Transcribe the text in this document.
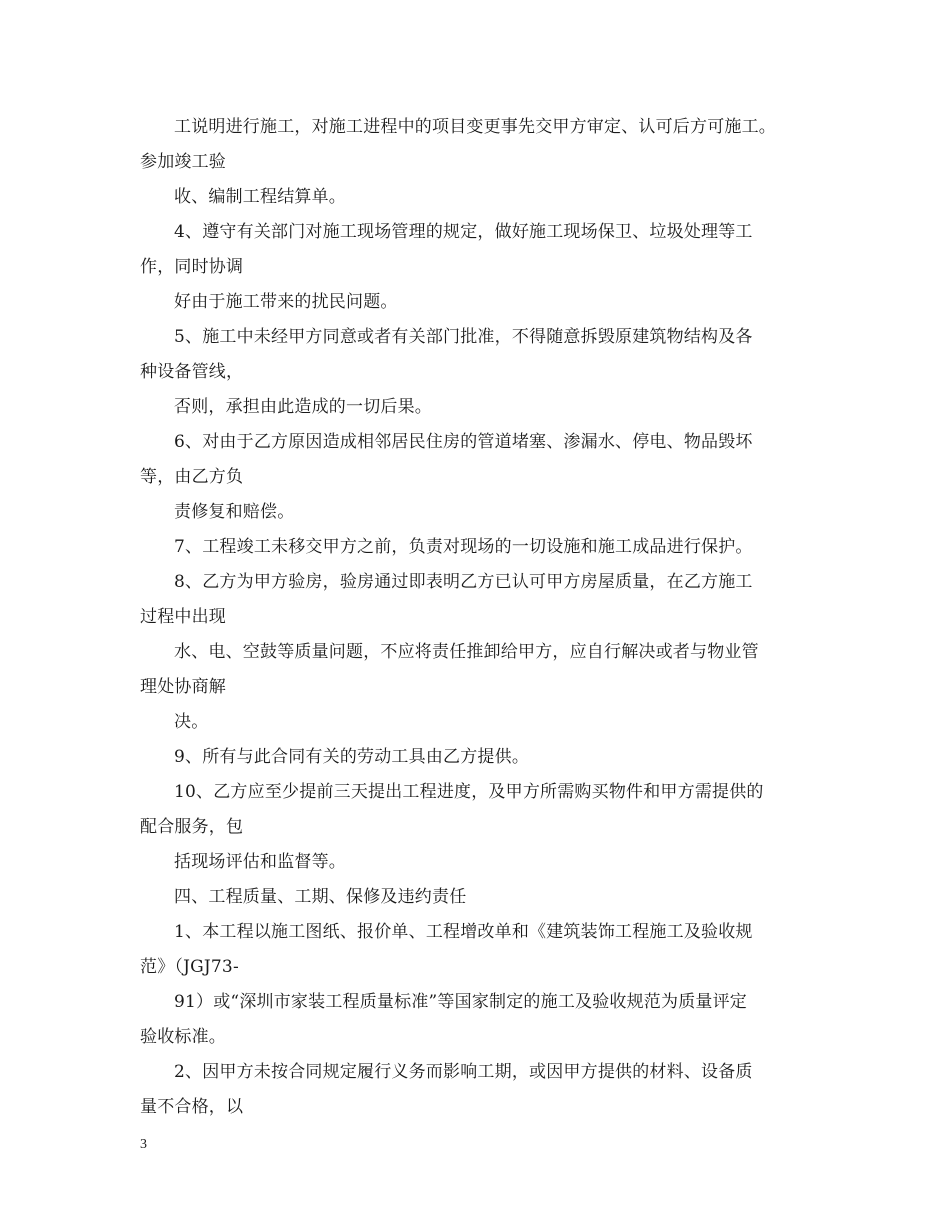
工说明进行施工，对施工进程中的项目变更事先交甲方审定、认可后方可施工。
参加竣工验
收、编制工程结算单。
4、遵守有关部门对施工现场管理的规定，做好施工现场保卫、垃圾处理等工
作，同时协调
好由于施工带来的扰民问题。
5、施工中未经甲方同意或者有关部门批准，不得随意拆毁原建筑物结构及各
种设备管线，
否则，承担由此造成的一切后果。
6、对由于乙方原因造成相邻居民住房的管道堵塞、渗漏水、停电、物品毁坏
等，由乙方负
责修复和赔偿。
7、工程竣工未移交甲方之前，负责对现场的一切设施和施工成品进行保护。
8、乙方为甲方验房，验房通过即表明乙方已认可甲方房屋质量，在乙方施工
过程中出现
水、电、空鼓等质量问题，不应将责任推卸给甲方，应自行解决或者与物业管
理处协商解
决。
9、所有与此合同有关的劳动工具由乙方提供。
10、乙方应至少提前三天提出工程进度，及甲方所需购买物件和甲方需提供的
配合服务，包
括现场评估和监督等。
四、工程质量、工期、保修及违约责任
1、本工程以施工图纸、报价单、工程增改单和《建筑装饰工程施工及验收规
范》（JGJ73-
91）或“深圳市家装工程质量标准”等国家制定的施工及验收规范为质量评定
验收标准。
2、因甲方未按合同规定履行义务而影响工期，或因甲方提供的材料、设备质
量不合格，以
3
